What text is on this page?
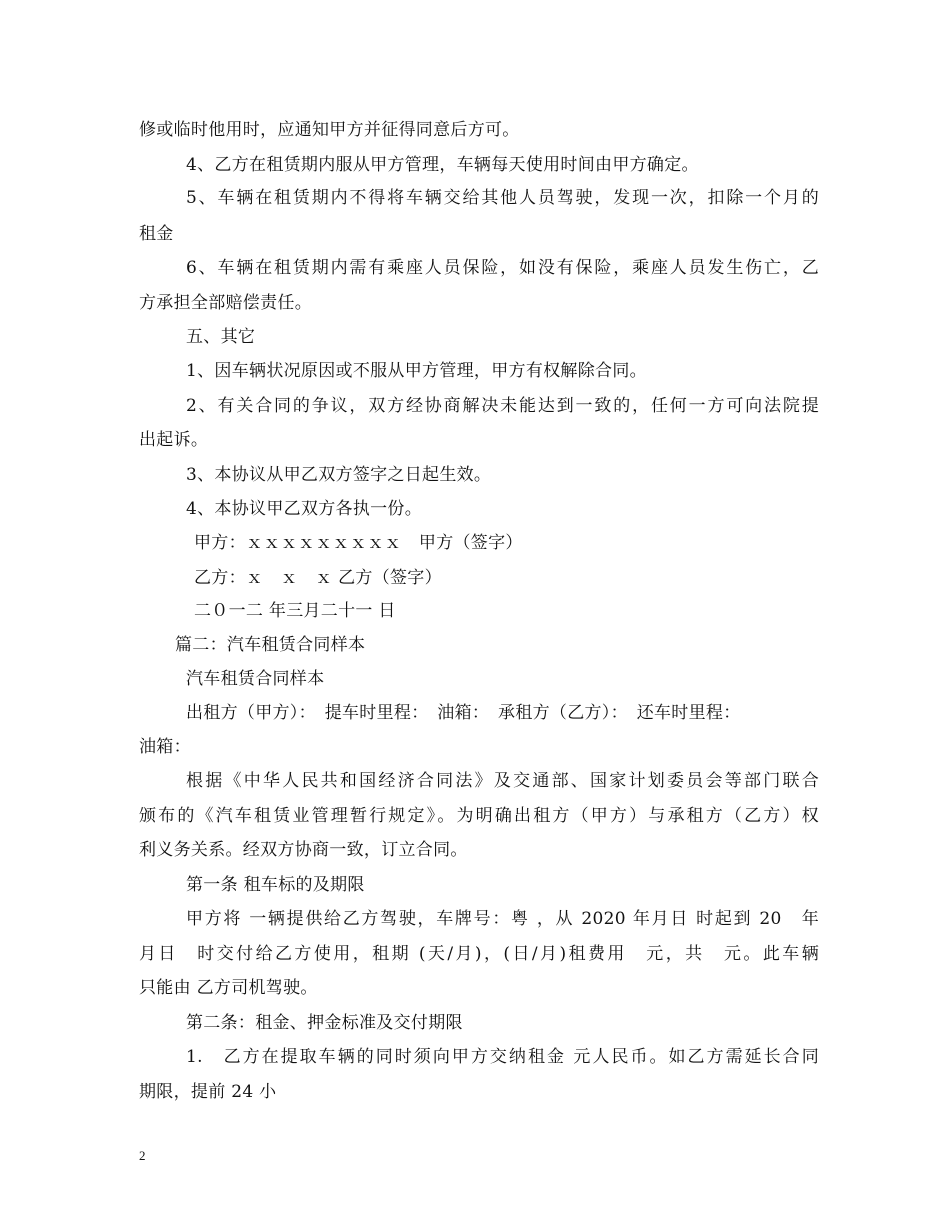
修或临时他用时，应通知甲方并征得同意后方可。
4、乙方在租赁期内服从甲方管理，车辆每天使用时间由甲方确定。
5、车辆在租赁期内不得将车辆交给其他人员驾驶，发现一次，扣除一个月的
租金
6、车辆在租赁期内需有乘座人员保险，如没有保险，乘座人员发生伤亡，乙
方承担全部赔偿责任。
五、其它
1、因车辆状况原因或不服从甲方管理，甲方有权解除合同。
2、有关合同的争议，双方经协商解决未能达到一致的，任何一方可向法院提
出起诉。
3、本协议从甲乙双方签字之日起生效。
4、本协议甲乙双方各执一份。
甲方：ｘｘｘｘｘｘｘｘｘ　甲方（签字）
乙方：ｘ　ｘ　ｘ 乙方（签字）
二０一二 年三月二十一 日
篇二：汽车租赁合同样本
汽车租赁合同样本
出租方（甲方）：　提车时里程：　油箱：　承租方（乙方）：　还车时里程：
油箱：
根据《中华人民共和国经济合同法》及交通部、国家计划委员会等部门联合
颁布的《汽车租赁业管理暂行规定》。为明确出租方（甲方）与承租方（乙方）权
利义务关系。经双方协商一致，订立合同。
第一条 租车标的及期限
甲方将 一辆提供给乙方驾驶，车牌号：粤 ，从 2020 年月日 时起到 20　年
月日　时交付给乙方使用，租期 (天/月)，(日/月)租费用　元，共　元。此车辆
只能由 乙方司机驾驶。
第二条：租金、押金标准及交付期限
1.　乙方在提取车辆的同时须向甲方交纳租金 元人民币。如乙方需延长合同
期限，提前 24 小
2
